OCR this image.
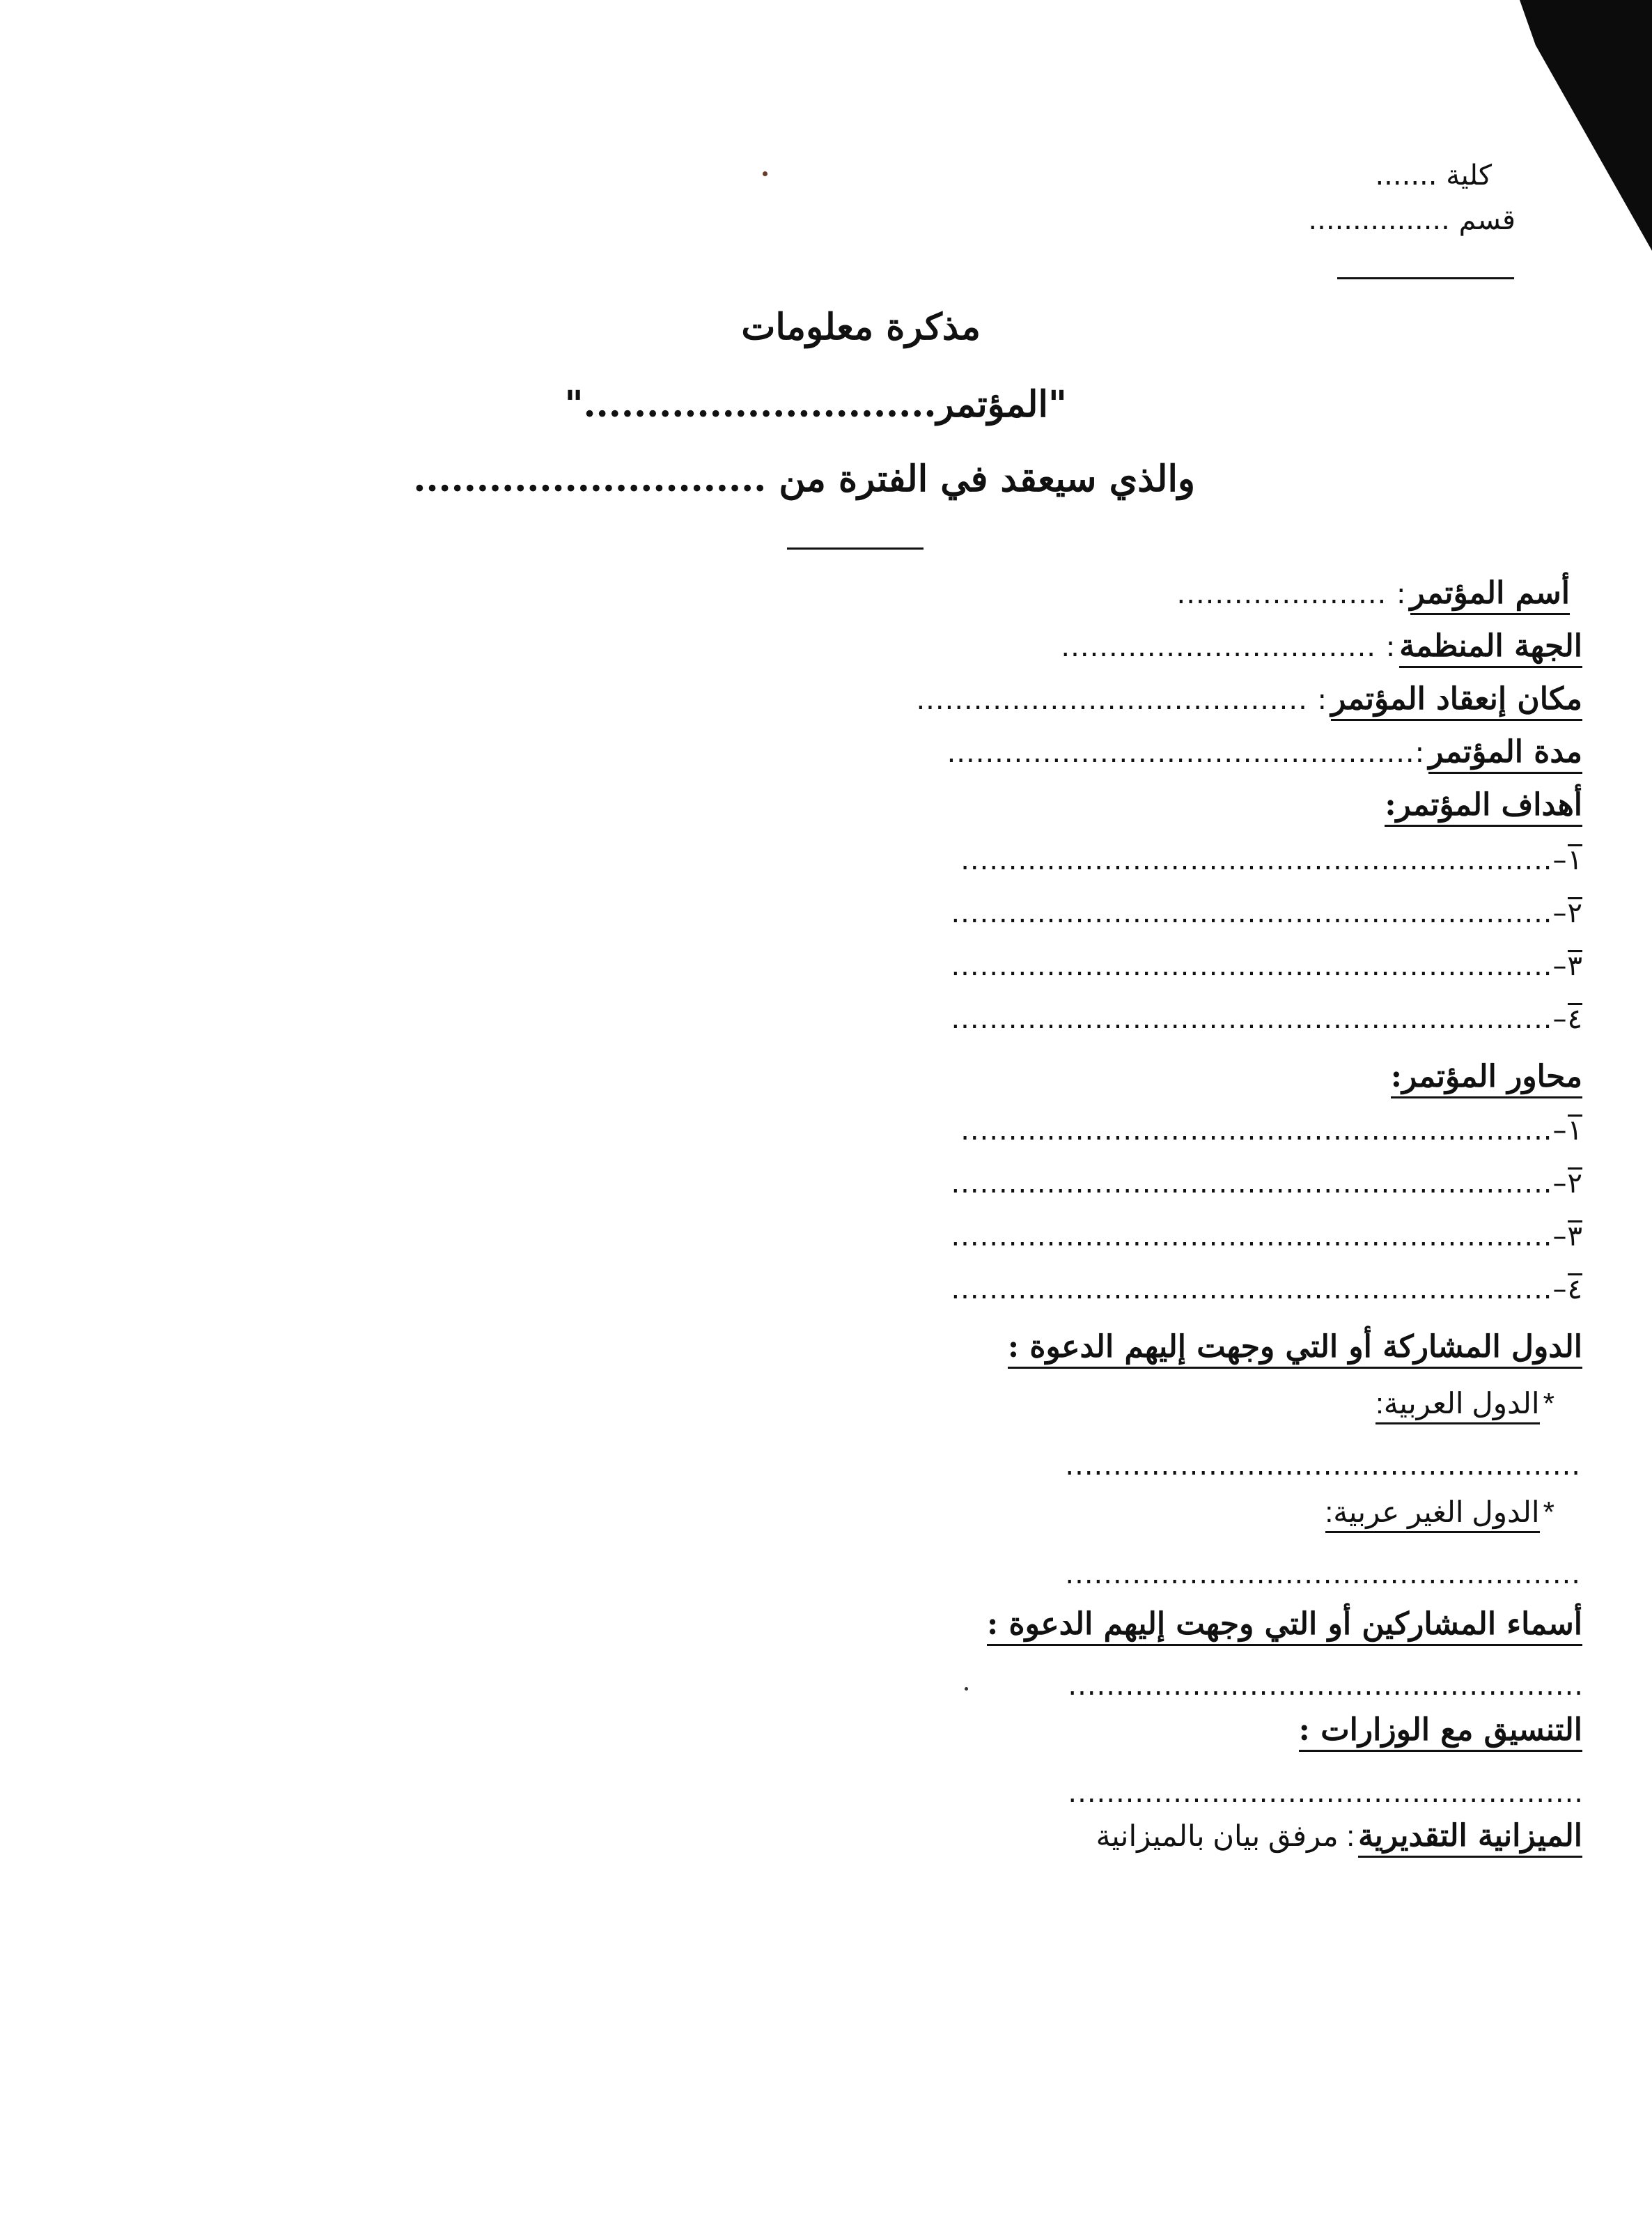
كلية .......
قسم ................
مذكرة معلومات
"المؤتمر............................"
والذي سيعقد في الفترة من ............................
أسم المؤتمر : ......................
الجهة المنظمة : .................................
مكان إنعقاد المؤتمر : .........................................
مدة المؤتمر :.................................................
أهداف المؤتمر:
١–..............................................................
٢–...............................................................
٣–...............................................................
٤–...............................................................
محاور المؤتمر:
١–..............................................................
٢–...............................................................
٣–...............................................................
٤–...............................................................
الدول المشاركة أو التي وجهت إليهم الدعوة :
* الدول العربية:
......................................................
* الدول الغير عربية:
......................................................
أسماء المشاركين أو التي وجهت إليهم الدعوة :
......................................................
التنسيق مع الوزارات :
......................................................
الميزانية التقديرية : مرفق بيان بالميزانية
